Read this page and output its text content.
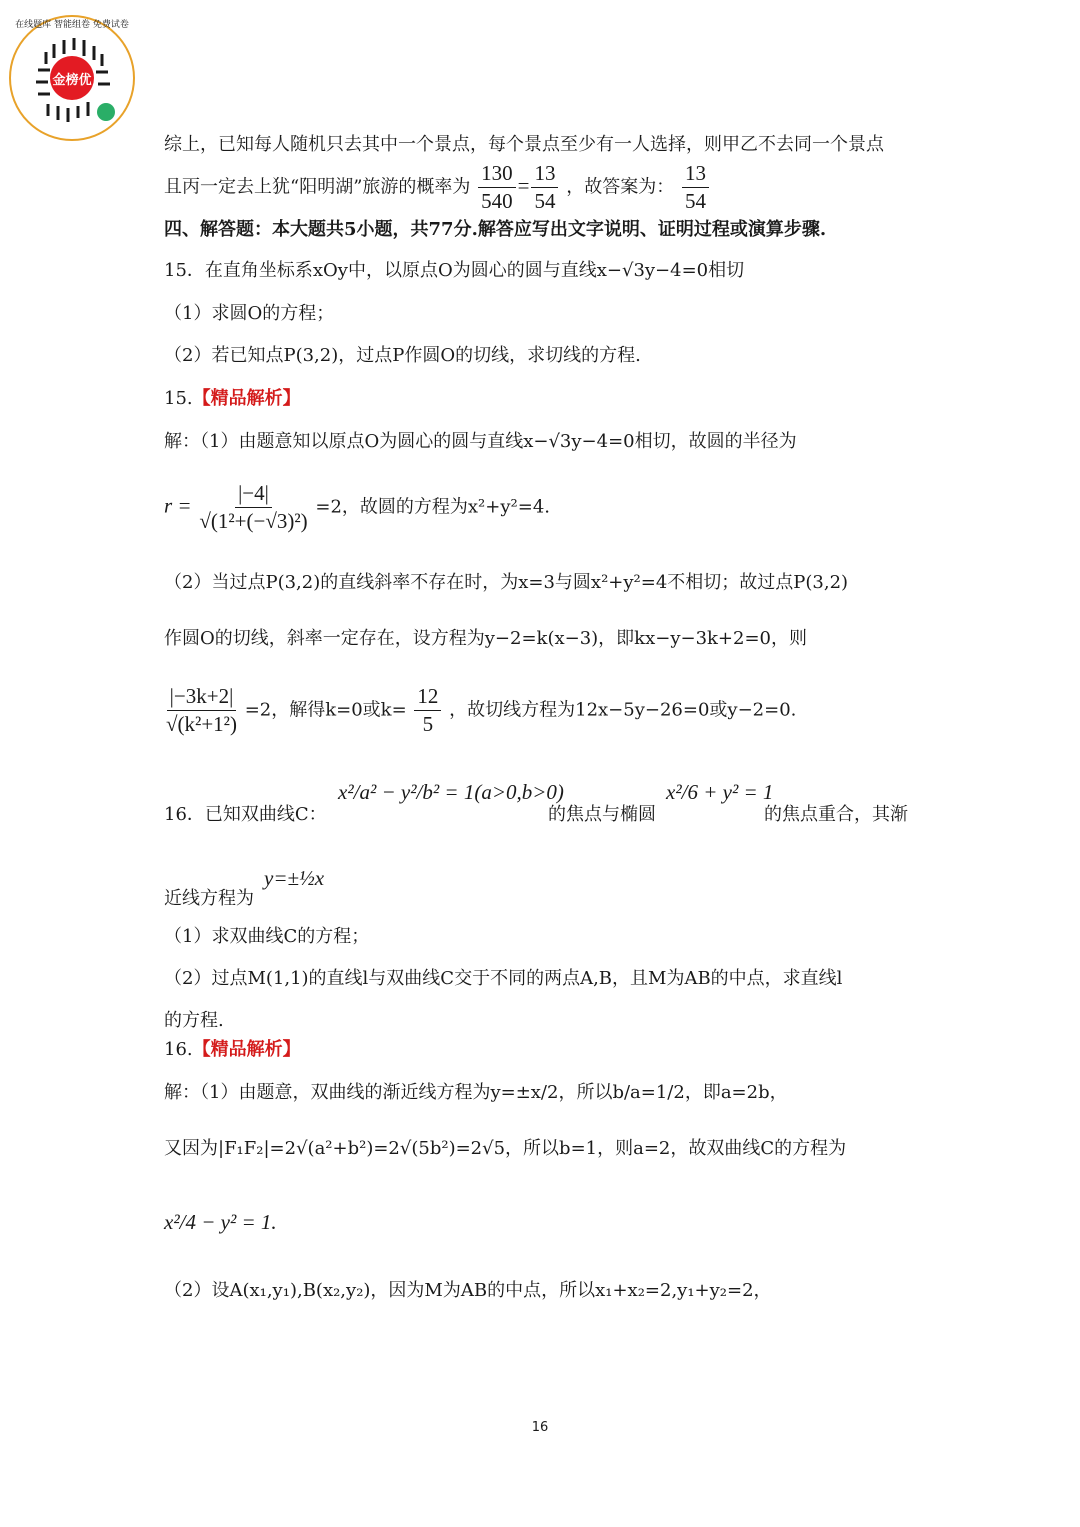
金榜优
在线题库 智能组卷 免费试卷
综上，已知每人随机只去其中一个景点，每个景点至少有一人选择，则甲乙不去同一个景点
且丙一定去上犹“阳明湖”旅游的概率为 $\frac{130}{540} = \frac{13}{54}$ ，故答案为： $\frac{13}{54}$
四、解答题：本大题共5小题，共77分.解答应写出文字说明、证明过程或演算步骤.
15．在直角坐标系xOy中，以原点O为圆心的圆与直线x−√3y−4=0相切
（1）求圆O的方程；
（2）若已知点P(3,2)，过点P作圆O的切线，求切线的方程.
15.【精品解析】
解：（1）由题意知以原点O为圆心的圆与直线x−√3y−4=0相切，故圆的半径为
$r = \frac{|-4|}{\text{√(1²+(−√3)²)}} =2$，故圆的方程为x²+y²=4.
（2）当过点P(3,2)的直线斜率不存在时，为x=3与圆x²+y²=4不相切；故过点P(3,2)
作圆O的切线，斜率一定存在，设方程为y−2=k(x−3)，即kx−y−3k+2=0，则
$\frac{|-3k+2|}{\text{√(k²+1²)}} =2$，解得k=0或$k= \frac{12}{5}$ ，故切线方程为12x−5y−26=0或y−2=0.
16．已知双曲线C：
x²/a² − y²/b² = 1(a>0,b>0)
的焦点与椭圆
x²/6 + y² = 1
的焦点重合，其渐
近线方程为
y=±½x
（1）求双曲线C的方程；
（2）过点M(1,1)的直线l与双曲线C交于不同的两点A,B，且M为AB的中点，求直线l
的方程.
16.【精品解析】
解：（1）由题意，双曲线的渐近线方程为y=±x/2，所以b/a=1/2，即a=2b，
又因为|F₁F₂|=2√(a²+b²)=2√(5b²)=2√5，所以b=1，则a=2，故双曲线C的方程为
x²/4 − y² = 1.
（2）设A(x₁,y₁),B(x₂,y₂)，因为M为AB的中点，所以x₁+x₂=2,y₁+y₂=2，
16
